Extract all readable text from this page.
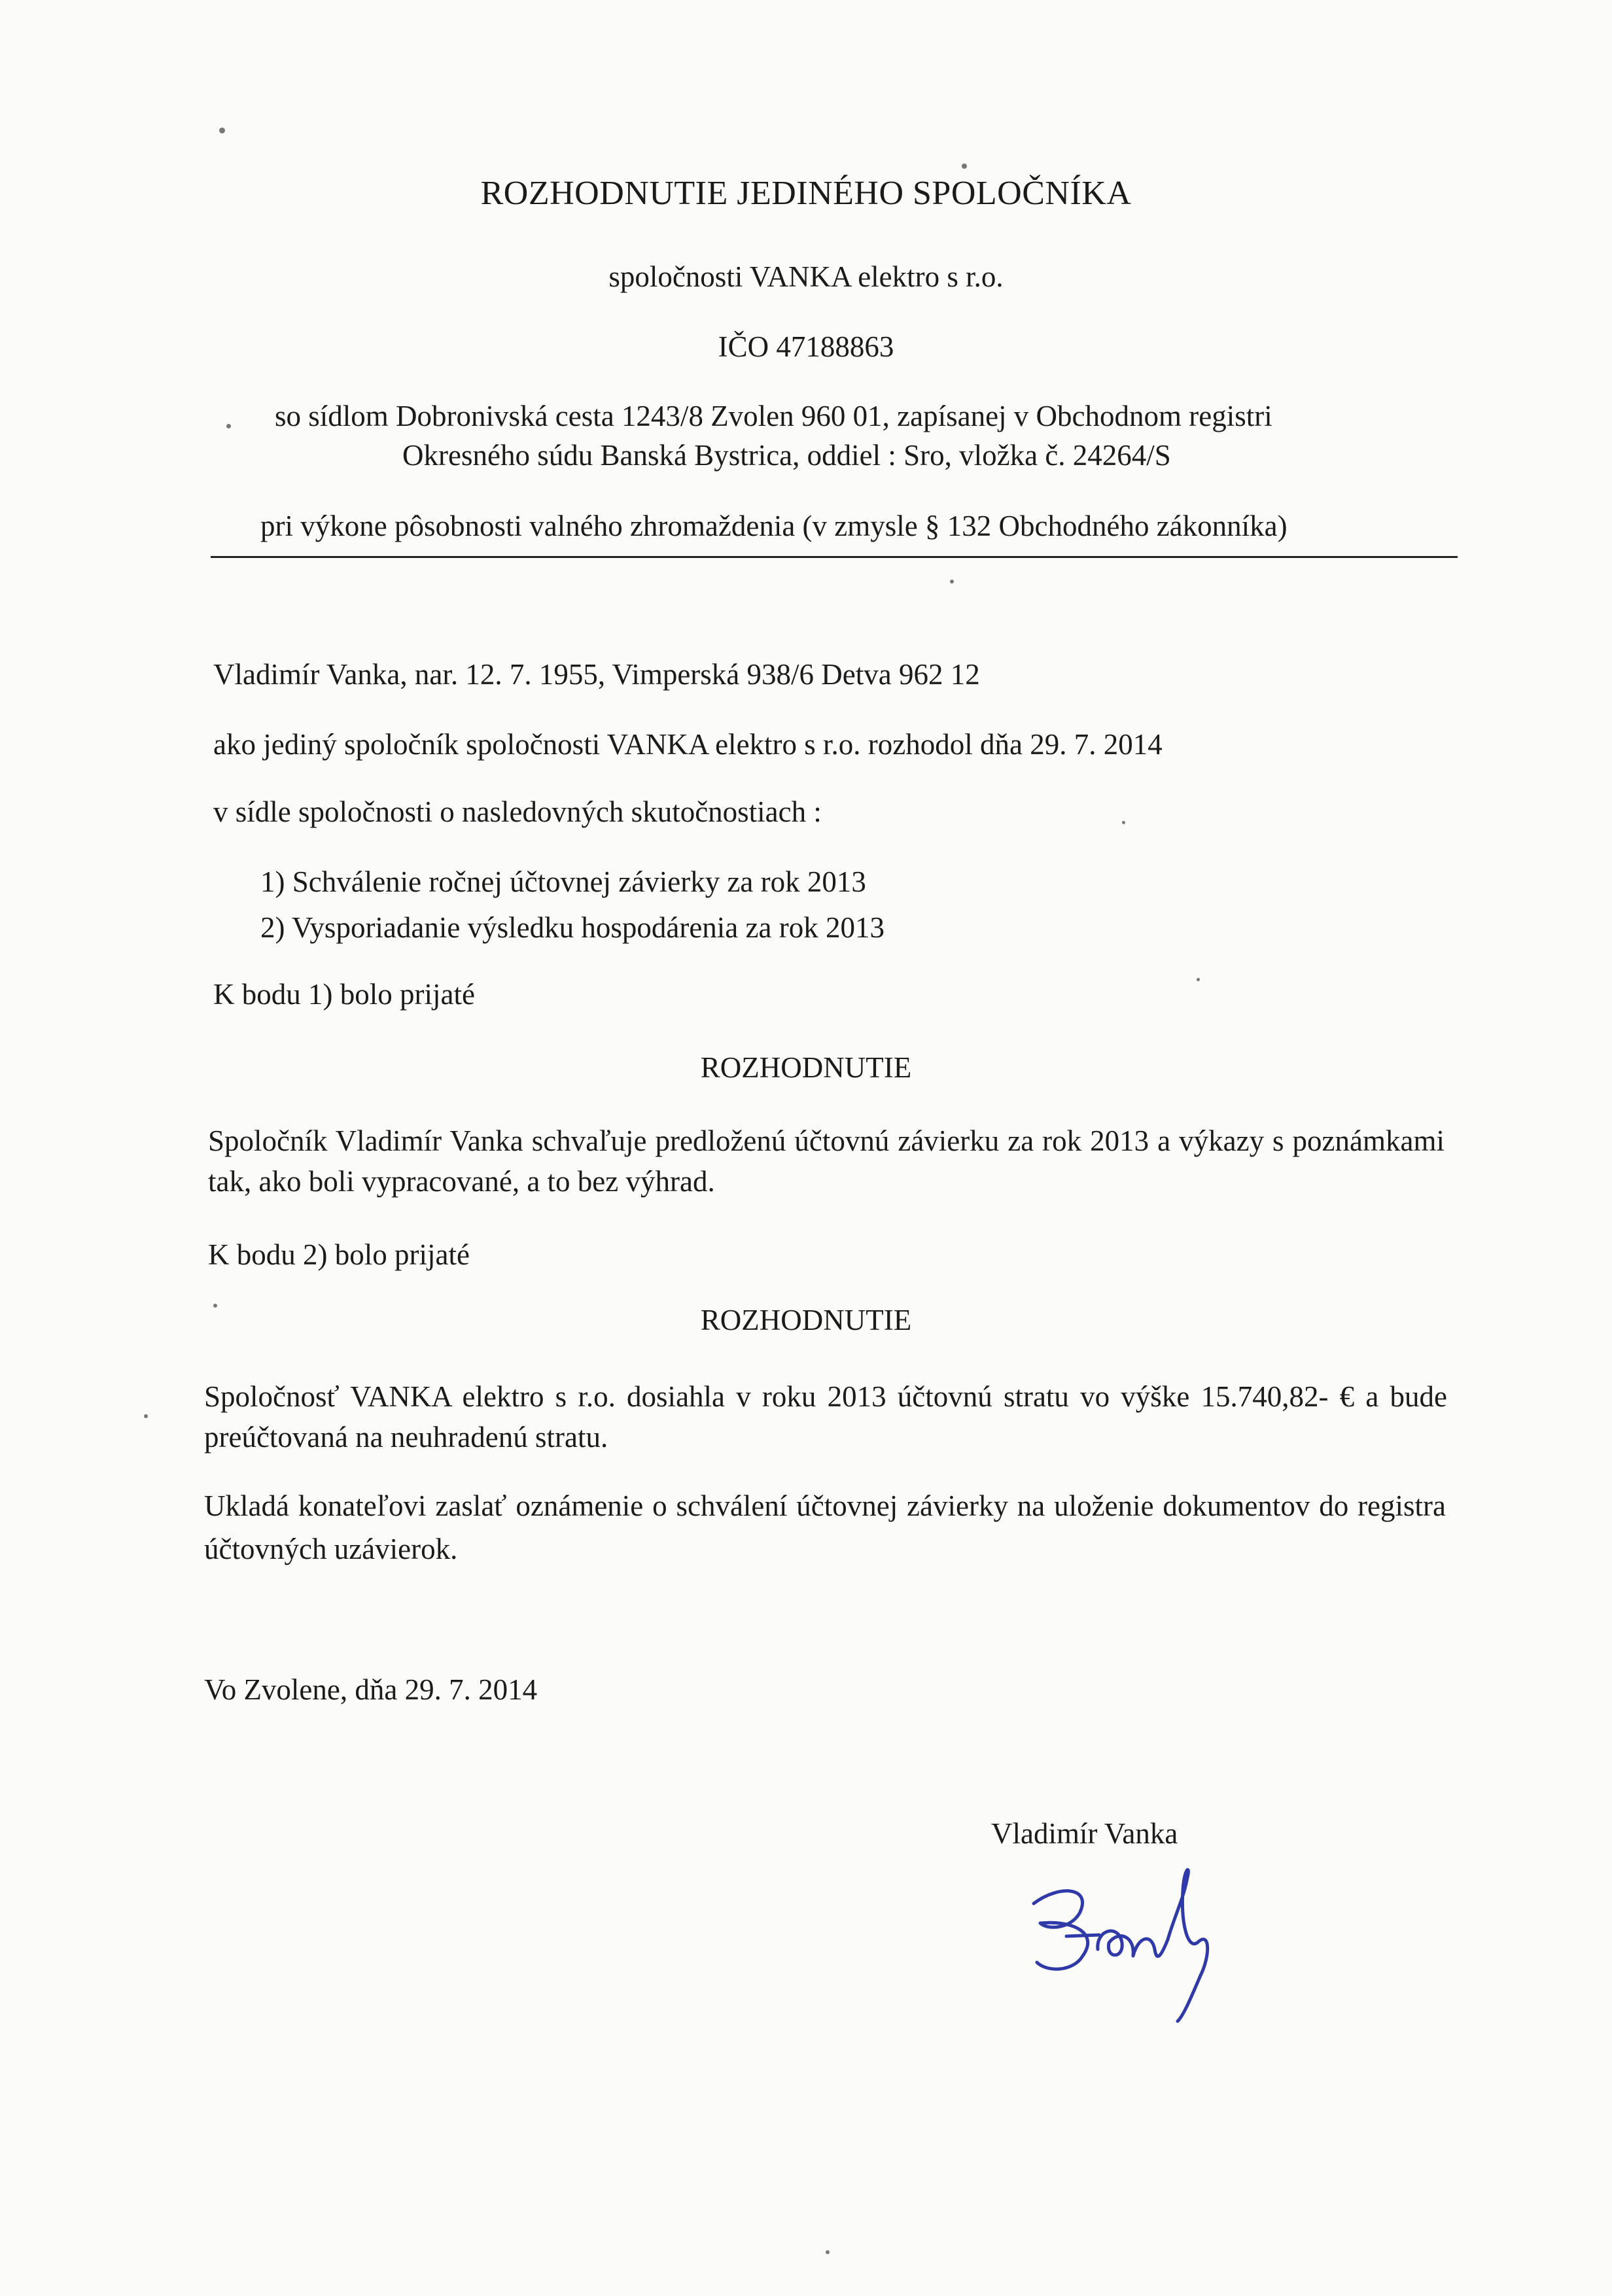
ROZHODNUTIE JEDINÉHO SPOLOČNÍKA
spoločnosti VANKA elektro s r.o.
IČO 47188863
so sídlom Dobronivská cesta 1243/8 Zvolen 960 01, zapísanej v Obchodnom registri
Okresného súdu Banská Bystrica, oddiel : Sro, vložka č. 24264/S
pri výkone pôsobnosti valného zhromaždenia (v zmysle § 132 Obchodného zákonníka)
Vladimír Vanka, nar. 12. 7. 1955, Vimperská 938/6 Detva 962 12
ako jediný spoločník spoločnosti VANKA elektro s r.o. rozhodol dňa 29. 7. 2014
v sídle spoločnosti o nasledovných skutočnostiach :
1) Schválenie ročnej účtovnej závierky za rok 2013
2) Vysporiadanie výsledku hospodárenia za rok 2013
K bodu 1) bolo prijaté
ROZHODNUTIE
Spoločník Vladimír Vanka schvaľuje predloženú účtovnú závierku za rok 2013 a výkazy s poznámkami tak, ako boli vypracované, a to bez výhrad.
K bodu 2) bolo prijaté
ROZHODNUTIE
Spoločnosť VANKA elektro s r.o. dosiahla v roku 2013 účtovnú stratu vo výške 15.740,82- € a bude preúčtovaná na neuhradenú stratu.
Ukladá konateľovi zaslať oznámenie o schválení účtovnej závierky na uloženie dokumentov do registra účtovných uzávierok.
Vo Zvolene, dňa 29. 7. 2014
Vladimír Vanka
